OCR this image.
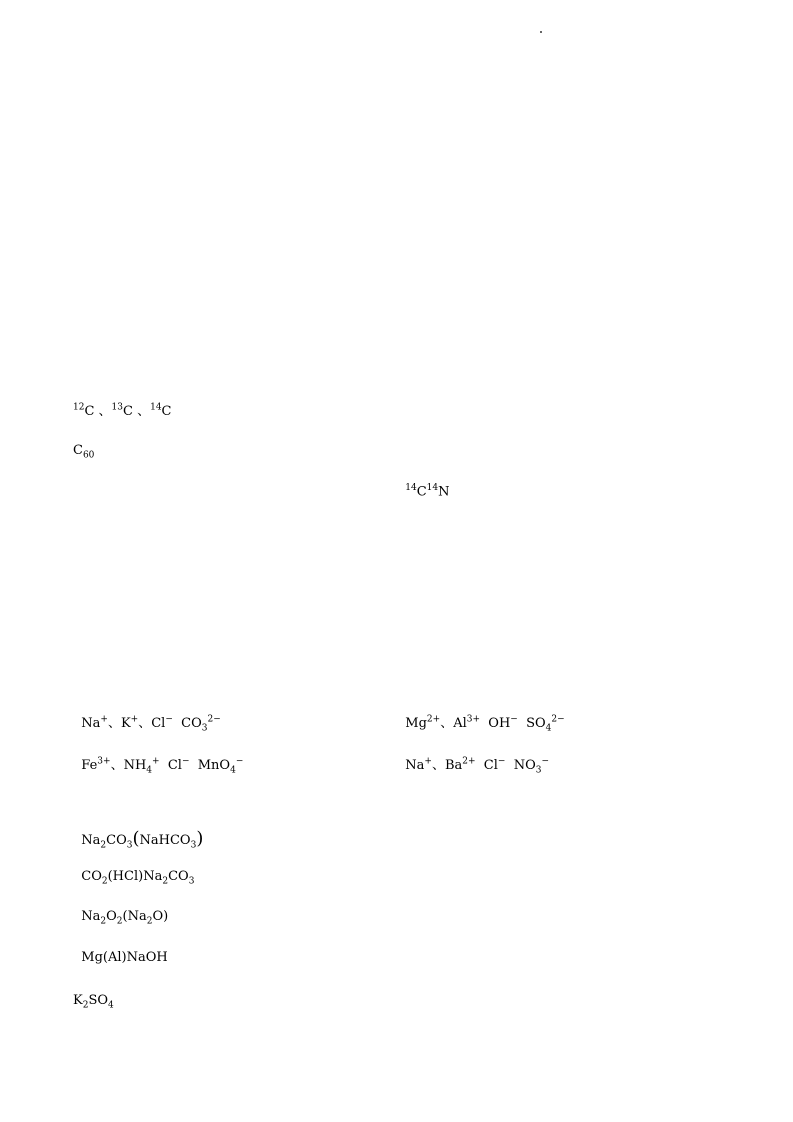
$^{12}$C 、$^{13}$C 、$^{14}$C
$C_{60}$
$^{14}C^{14}N$
Na+、K+、Cl−  $CO_3^{2-}$	$Mg^{2+}$、$Al^{3+}$  OH−  $SO_4^{2-}$
$Fe^{3+}$、$NH_4^+$  Cl−  MnO$_4$−	Na+、$Ba^{2+}$  Cl−  $NO_3^-$
$Na_2CO_3(NaHCO_3)$
$CO_2(HCl)Na_2CO_3$
$Na_2O_2(Na_2O)$
Mg(Al)NaOH
$K_2SO_4$
